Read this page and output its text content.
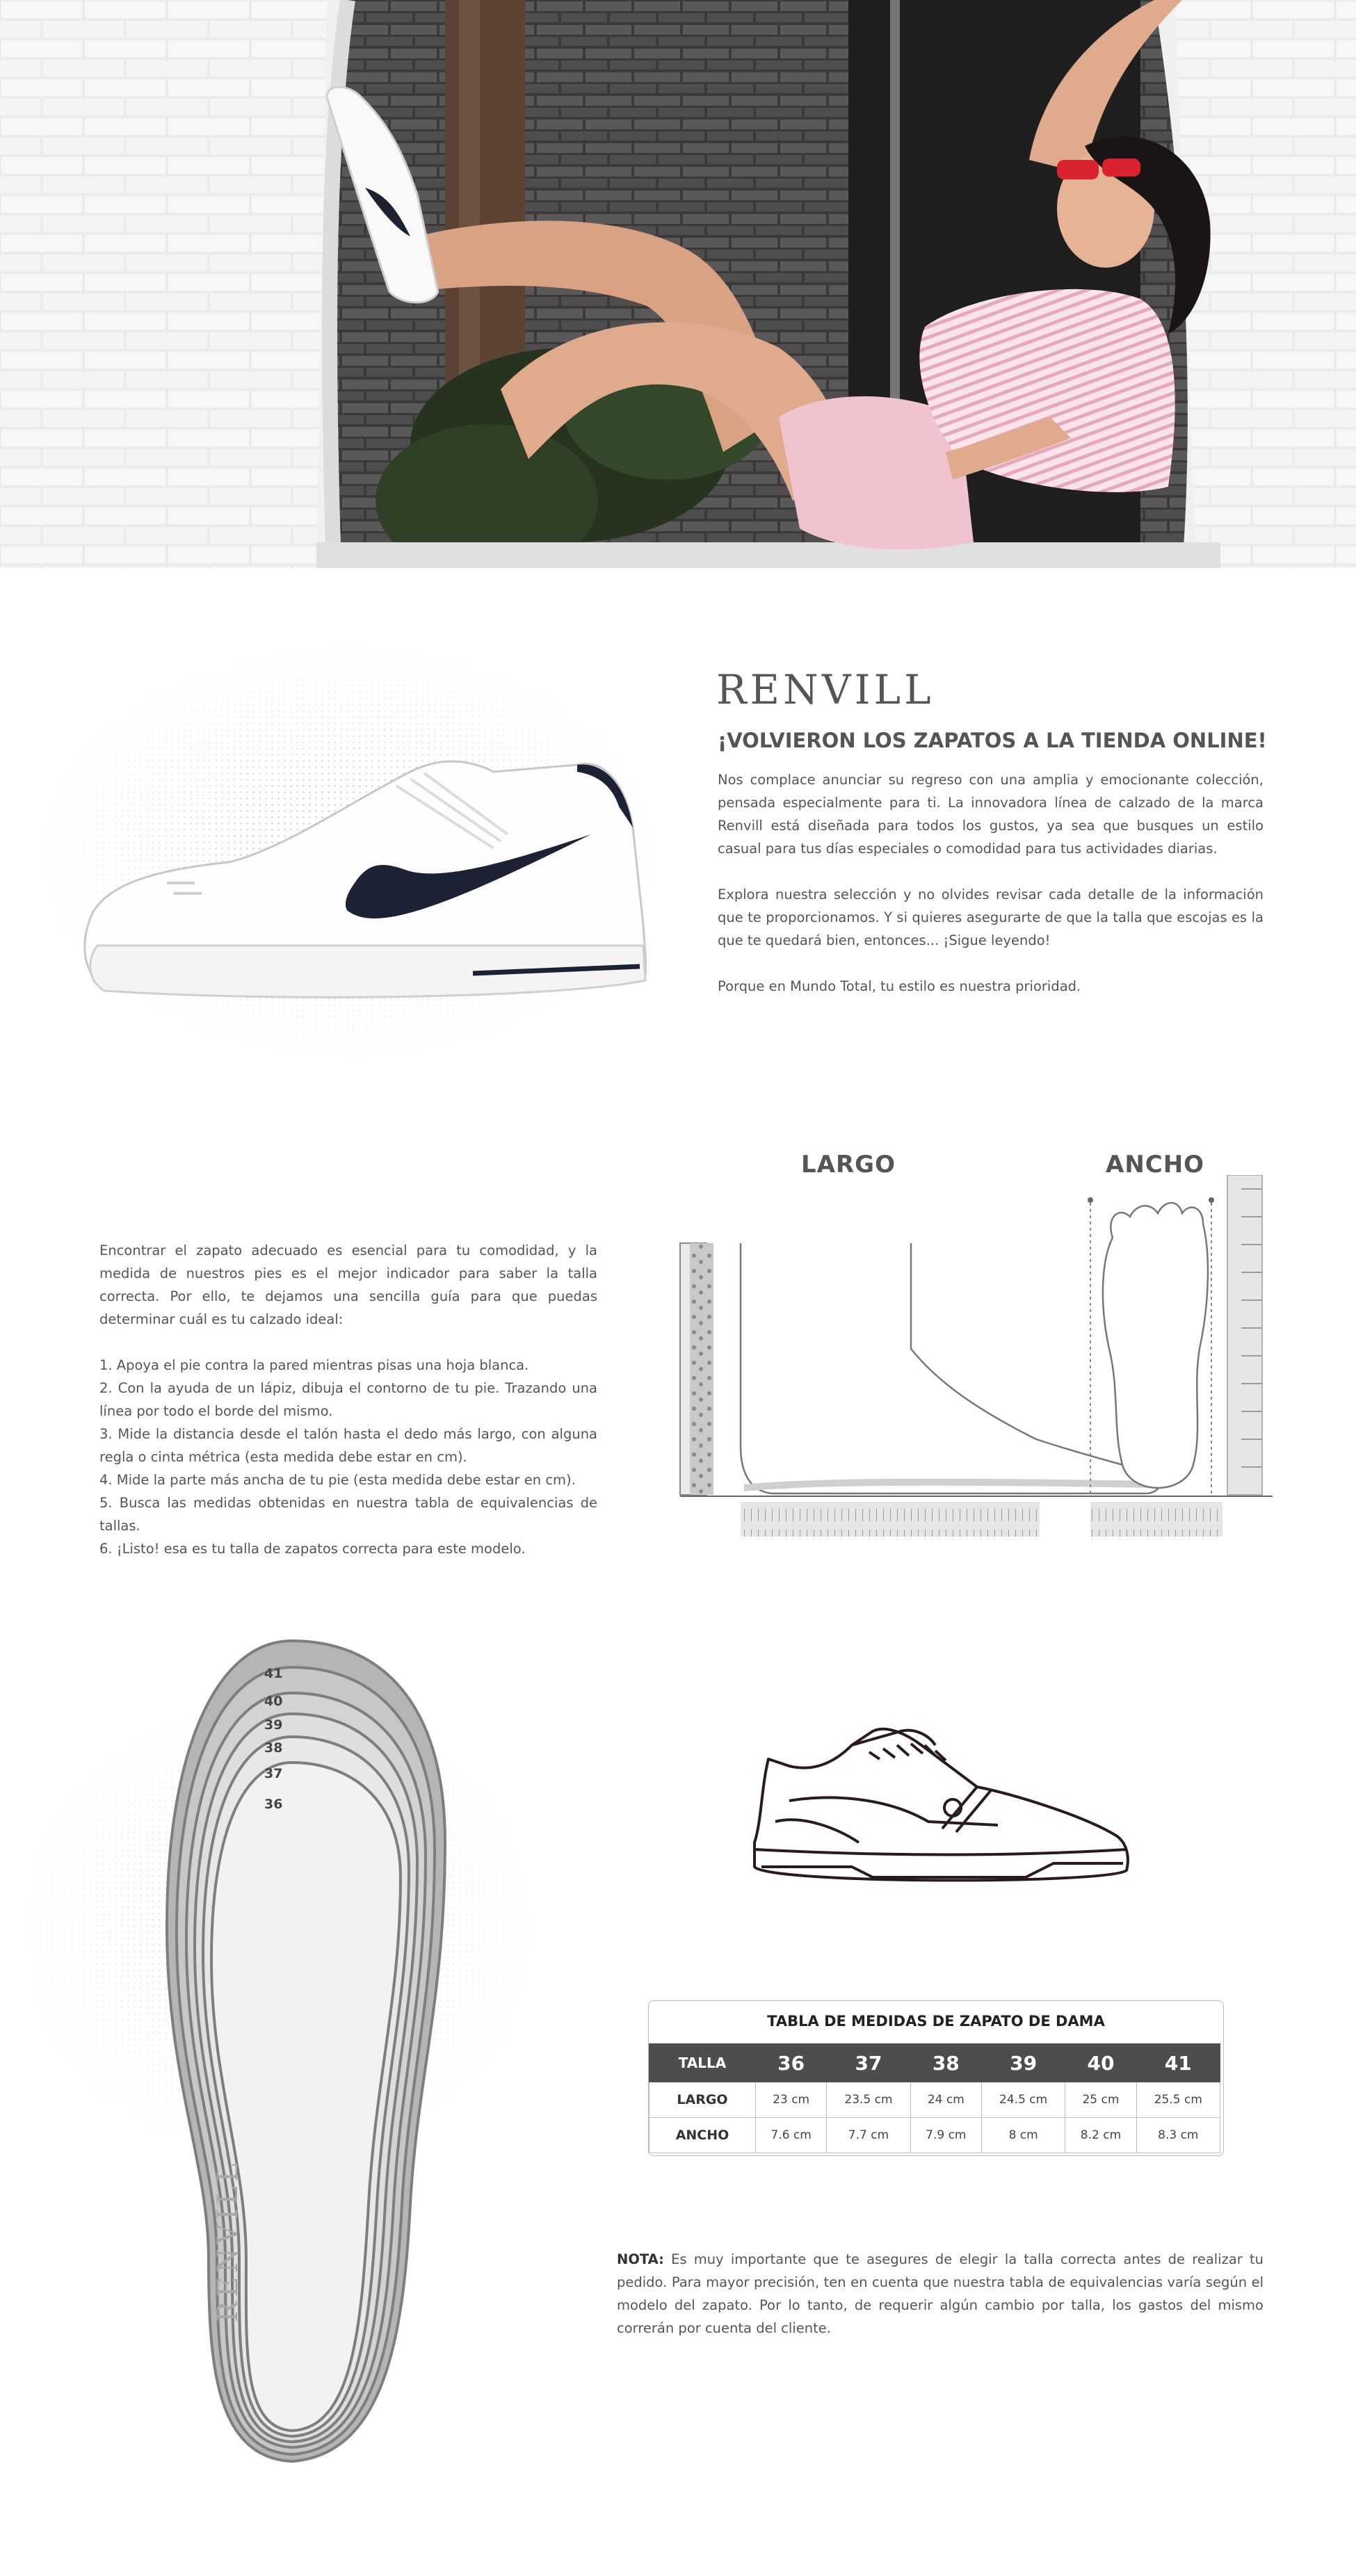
RENVILL
¡VOLVIERON LOS ZAPATOS A LA TIENDA ONLINE!

Nos complace anunciar su regreso con una amplia y emocionante colección, pensada especialmente para ti. La innovadora línea de calzado de la marca Renvill está diseñada para todos los gustos, ya sea que busques un estilo casual para tus días especiales o comodidad para tus actividades diarias.

Explora nuestra selección y no olvides revisar cada detalle de la información que te proporcionamos. Y si quieres asegurarte de que la talla que escojas es la que te quedará bien, entonces... ¡Sigue leyendo!

Porque en Mundo Total, tu estilo es nuestra prioridad.

Encontrar el zapato adecuado es esencial para tu comodidad, y la medida de nuestros pies es el mejor indicador para saber la talla correcta. Por ello, te dejamos una sencilla guía para que puedas determinar cuál es tu calzado ideal:
1. Apoya el pie contra la pared mientras pisas una hoja blanca.
2. Con la ayuda de un lápiz, dibuja el contorno de tu pie. Trazando una línea por todo el borde del mismo.
3. Mide la distancia desde el talón hasta el dedo más largo, con alguna regla o cinta métrica (esta medida debe estar en cm).
4. Mide la parte más ancha de tu pie (esta medida debe estar en cm).
5. Busca las medidas obtenidas en nuestra tabla de equivalencias de tallas.
6. ¡Listo! esa es tu talla de zapatos correcta para este modelo.
LARGO	ANCHO
41
40
39
38
37
36
RENVILL
TABLA DE MEDIDAS DE ZAPATO DE DAMA
TALLA	36	37	38	39	40	41
LARGO	23 cm	23.5 cm	24 cm	24.5 cm	25 cm	25.5 cm
ANCHO	7.6 cm	7.7 cm	7.9 cm	8 cm	8.2 cm	8.3 cm
NOTA: Es muy importante que te asegures de elegir la talla correcta antes de realizar tu pedido. Para mayor precisión, ten en cuenta que nuestra tabla de equivalencias varía según el modelo del zapato. Por lo tanto, de requerir algún cambio por talla, los gastos del mismo correrán por cuenta del cliente.
